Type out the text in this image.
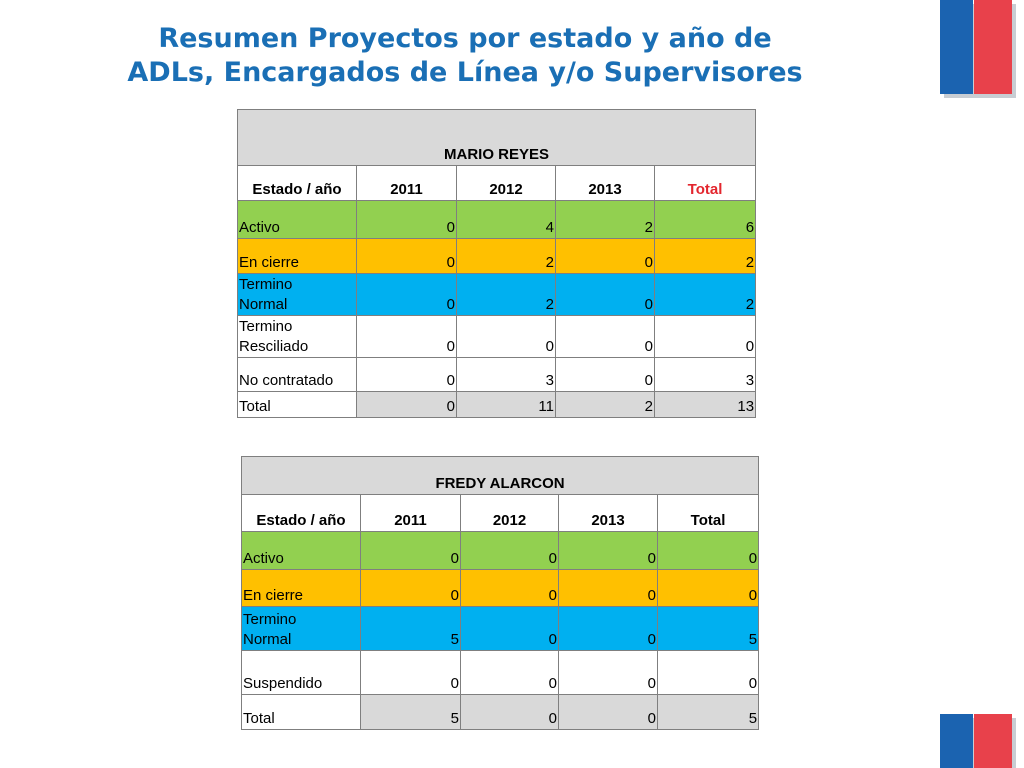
Resumen Proyectos por estado y año de
ADLs, Encargados de Línea y/o Supervisores
MARIO REYES				
Estado / año	2011	2012	2013	Total
Activo	0	4	2	6
En cierre	0	2	0	2
Termino
Normal	0	2	0	2
Termino
Resciliado	0	0	0	0
No contratado	0	3	0	3
Total	0	11	2	13
FREDY ALARCON				
Estado / año	2011	2012	2013	Total
Activo	0	0	0	0
En cierre	0	0	0	0
Termino
Normal	5	0	0	5
Suspendido	0	0	0	0
Total	5	0	0	5
